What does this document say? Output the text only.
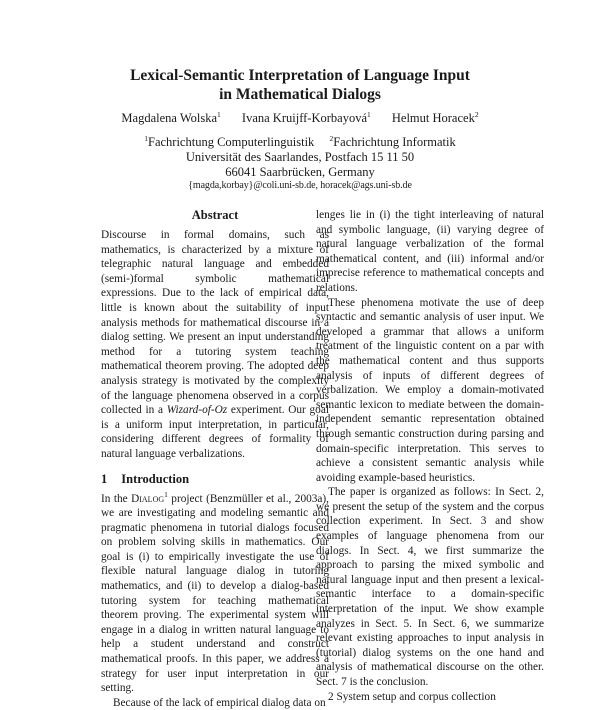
Lexical-Semantic Interpretation of Language Input
in Mathematical Dialogs
Magdalena Wolska$^1$ Ivana Kruijff-Korbayová$^1$ Helmut Horacek$^2$
$^1$Fachrichtung Computerlinguistik $^2$Fachrichtung Informatik
Universität des Saarlandes, Postfach 15 11 50
66041 Saarbrücken, Germany
{magda,korbay}@coli.uni-sb.de, horacek@ags.uni-sb.de
Abstract

Discourse in formal domains, such as mathematics, is characterized by a mixture of telegraphic natural language and embedded (semi-)formal symbolic mathematical expressions. Due to the lack of empirical data, little is known about the suitability of input analysis methods for mathematical discourse in a dialog setting. We present an input understanding method for a tutoring system teaching mathematical theorem proving. The adopted deep analysis strategy is motivated by the complexity of the language phenomena observed in a corpus collected in a Wizard-of-Oz experiment. Our goal is a uniform input interpretation, in particular, considering different degrees of formality of natural language verbalizations.

1 Introduction

In the Dialog$^1$ project (Benzmüller et al., 2003a), we are investigating and modeling semantic and pragmatic phenomena in tutorial dialogs focused on problem solving skills in mathematics. Our goal is (i) to empirically investigate the use of flexible natural language dialog in tutoring mathematics, and (ii) to develop a dialog-based tutoring system for teaching mathematical theorem proving. The experimental system will engage in a dialog in written natural language to help a student understand and construct mathematical proofs. In this paper, we address a strategy for user input interpretation in our setting.

Because of the lack of empirical dialog data on

lenges lie in (i) the tight interleaving of natural and symbolic language, (ii) varying degree of natural language verbalization of the formal mathematical content, and (iii) informal and/or imprecise reference to mathematical concepts and relations.

These phenomena motivate the use of deep syntactic and semantic analysis of user input. We developed a grammar that allows a uniform treatment of the linguistic content on a par with the mathematical content and thus supports analysis of inputs of different degrees of verbalization. We employ a domain-motivated semantic lexicon to mediate between the domain-independent semantic representation obtained through semantic construction during parsing and domain-specific interpretation. This serves to achieve a consistent semantic analysis while avoiding example-based heuristics.

The paper is organized as follows: In Sect. 2, we present the setup of the system and the corpus collection experiment. In Sect. 3 and show examples of language phenomena from our dialogs. In Sect. 4, we first summarize the approach to parsing the mixed symbolic and natural language input and then present a lexical-semantic interface to a domain-specific interpretation of the input. We show example analyzes in Sect. 5. In Sect. 6, we summarize relevant existing approaches to input analysis in (tutorial) dialog systems on the one hand and analysis of mathematical discourse on the other. Sect. 7 is the conclusion.

2 System setup and corpus collection
